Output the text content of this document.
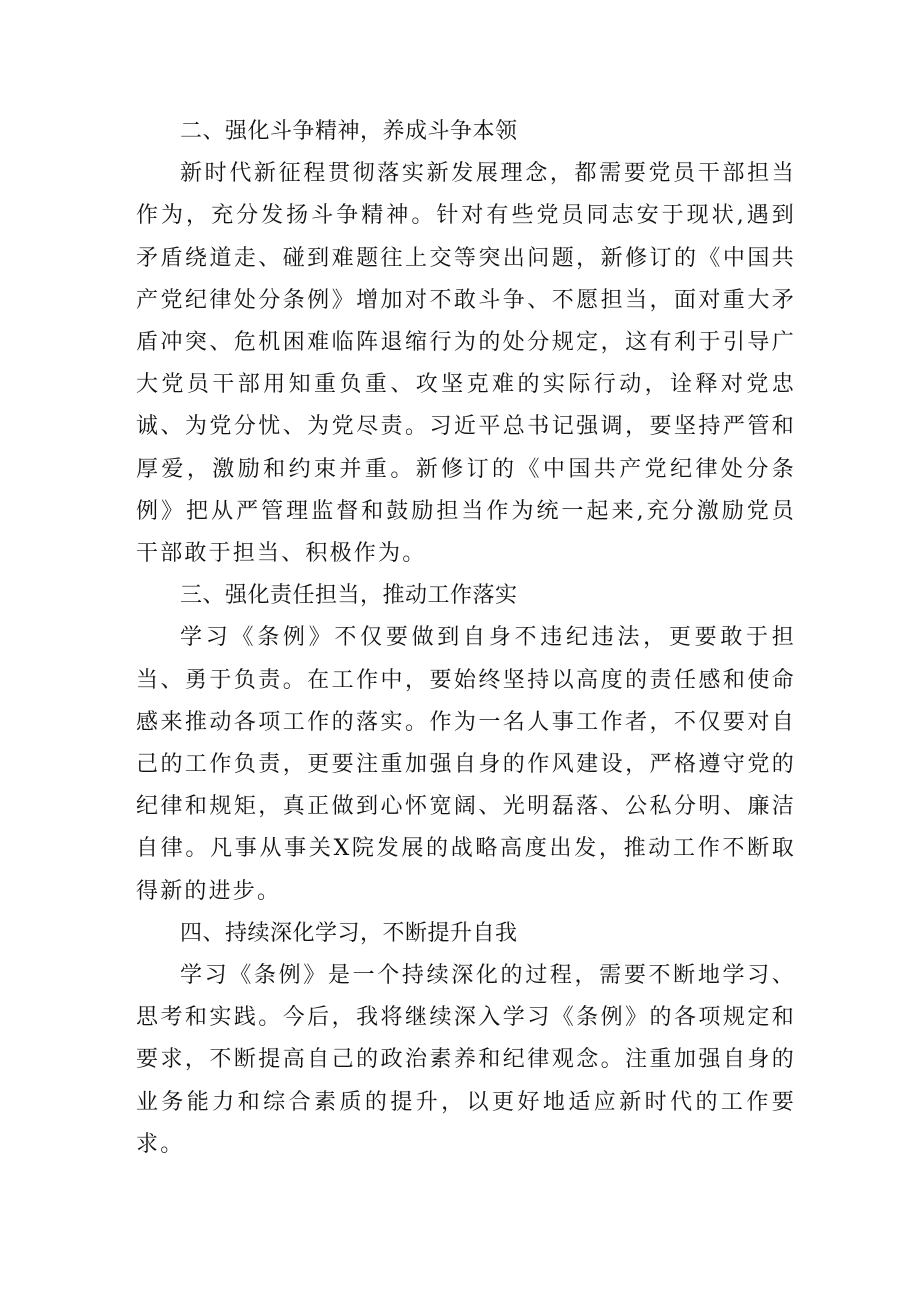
二、强化斗争精神，养成斗争本领

新时代新征程贯彻落实新发展理念，都需要党员干部担当作为，充分发扬斗争精神。针对有些党员同志安于现状,遇到矛盾绕道走、碰到难题往上交等突出问题，新修订的《中国共产党纪律处分条例》增加对不敢斗争、不愿担当，面对重大矛盾冲突、危机困难临阵退缩行为的处分规定，这有利于引导广大党员干部用知重负重、攻坚克难的实际行动，诠释对党忠诚、为党分忧、为党尽责。习近平总书记强调，要坚持严管和厚爱，激励和约束并重。新修订的《中国共产党纪律处分条例》把从严管理监督和鼓励担当作为统一起来,充分激励党员干部敢于担当、积极作为。

三、强化责任担当，推动工作落实

学习《条例》不仅要做到自身不违纪违法，更要敢于担当、勇于负责。在工作中，要始终坚持以高度的责任感和使命感来推动各项工作的落实。作为一名人事工作者，不仅要对自己的工作负责，更要注重加强自身的作风建设，严格遵守党的纪律和规矩，真正做到心怀宽阔、光明磊落、公私分明、廉洁自律。凡事从事关X院发展的战略高度出发，推动工作不断取得新的进步。

四、持续深化学习，不断提升自我

学习《条例》是一个持续深化的过程，需要不断地学习、思考和实践。今后，我将继续深入学习《条例》的各项规定和要求，不断提高自己的政治素养和纪律观念。注重加强自身的业务能力和综合素质的提升，以更好地适应新时代的工作要求。
